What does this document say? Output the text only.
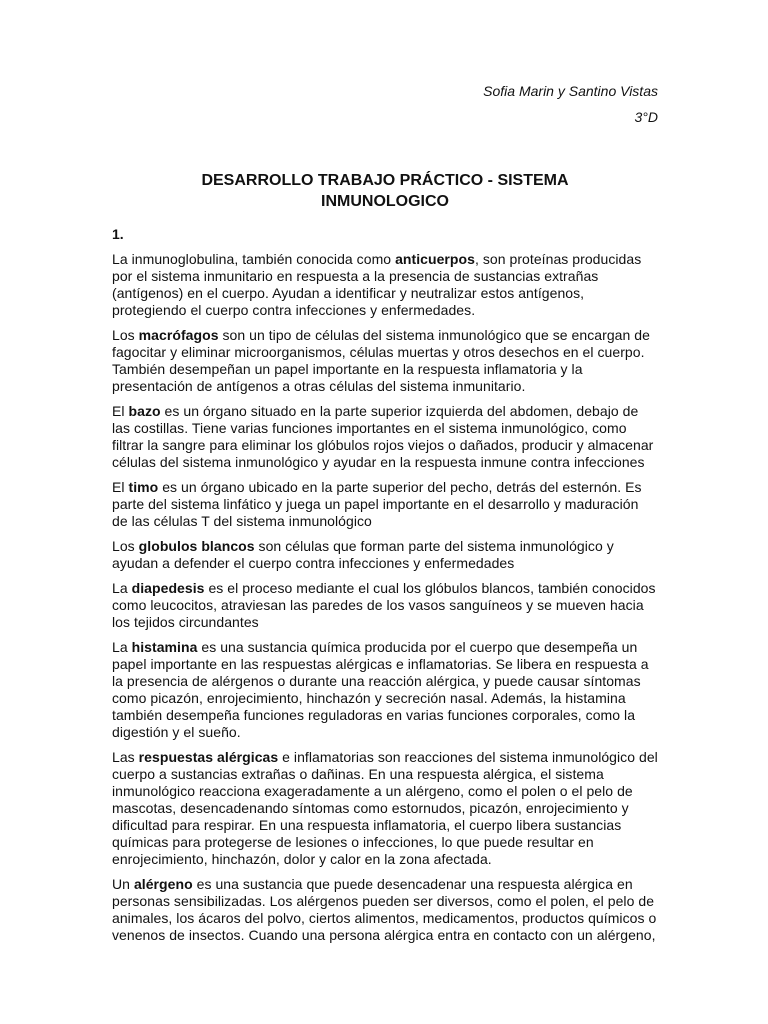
Sofia Marin y Santino Vistas

3°D

DESARROLLO TRABAJO PRÁCTICO - SISTEMA INMUNOLOGICO

1.

La inmunoglobulina, también conocida como anticuerpos, son proteínas producidas por el sistema inmunitario en respuesta a la presencia de sustancias extrañas (antígenos) en el cuerpo. Ayudan a identificar y neutralizar estos antígenos, protegiendo el cuerpo contra infecciones y enfermedades.

Los macrófagos son un tipo de células del sistema inmunológico que se encargan de fagocitar y eliminar microorganismos, células muertas y otros desechos en el cuerpo. También desempeñan un papel importante en la respuesta inflamatoria y la presentación de antígenos a otras células del sistema inmunitario.

El bazo es un órgano situado en la parte superior izquierda del abdomen, debajo de las costillas. Tiene varias funciones importantes en el sistema inmunológico, como filtrar la sangre para eliminar los glóbulos rojos viejos o dañados, producir y almacenar células del sistema inmunológico y ayudar en la respuesta inmune contra infecciones

El timo es un órgano ubicado en la parte superior del pecho, detrás del esternón. Es parte del sistema linfático y juega un papel importante en el desarrollo y maduración de las células T del sistema inmunológico

Los globulos blancos son células que forman parte del sistema inmunológico y ayudan a defender el cuerpo contra infecciones y enfermedades

La diapedesis es el proceso mediante el cual los glóbulos blancos, también conocidos como leucocitos, atraviesan las paredes de los vasos sanguíneos y se mueven hacia los tejidos circundantes

La histamina es una sustancia química producida por el cuerpo que desempeña un papel importante en las respuestas alérgicas e inflamatorias. Se libera en respuesta a la presencia de alérgenos o durante una reacción alérgica, y puede causar síntomas como picazón, enrojecimiento, hinchazón y secreción nasal. Además, la histamina también desempeña funciones reguladoras en varias funciones corporales, como la digestión y el sueño.

Las respuestas alérgicas e inflamatorias son reacciones del sistema inmunológico del cuerpo a sustancias extrañas o dañinas. En una respuesta alérgica, el sistema inmunológico reacciona exageradamente a un alérgeno, como el polen o el pelo de mascotas, desencadenando síntomas como estornudos, picazón, enrojecimiento y dificultad para respirar. En una respuesta inflamatoria, el cuerpo libera sustancias químicas para protegerse de lesiones o infecciones, lo que puede resultar en enrojecimiento, hinchazón, dolor y calor en la zona afectada.

Un alérgeno es una sustancia que puede desencadenar una respuesta alérgica en personas sensibilizadas. Los alérgenos pueden ser diversos, como el polen, el pelo de animales, los ácaros del polvo, ciertos alimentos, medicamentos, productos químicos o venenos de insectos. Cuando una persona alérgica entra en contacto con un alérgeno,
